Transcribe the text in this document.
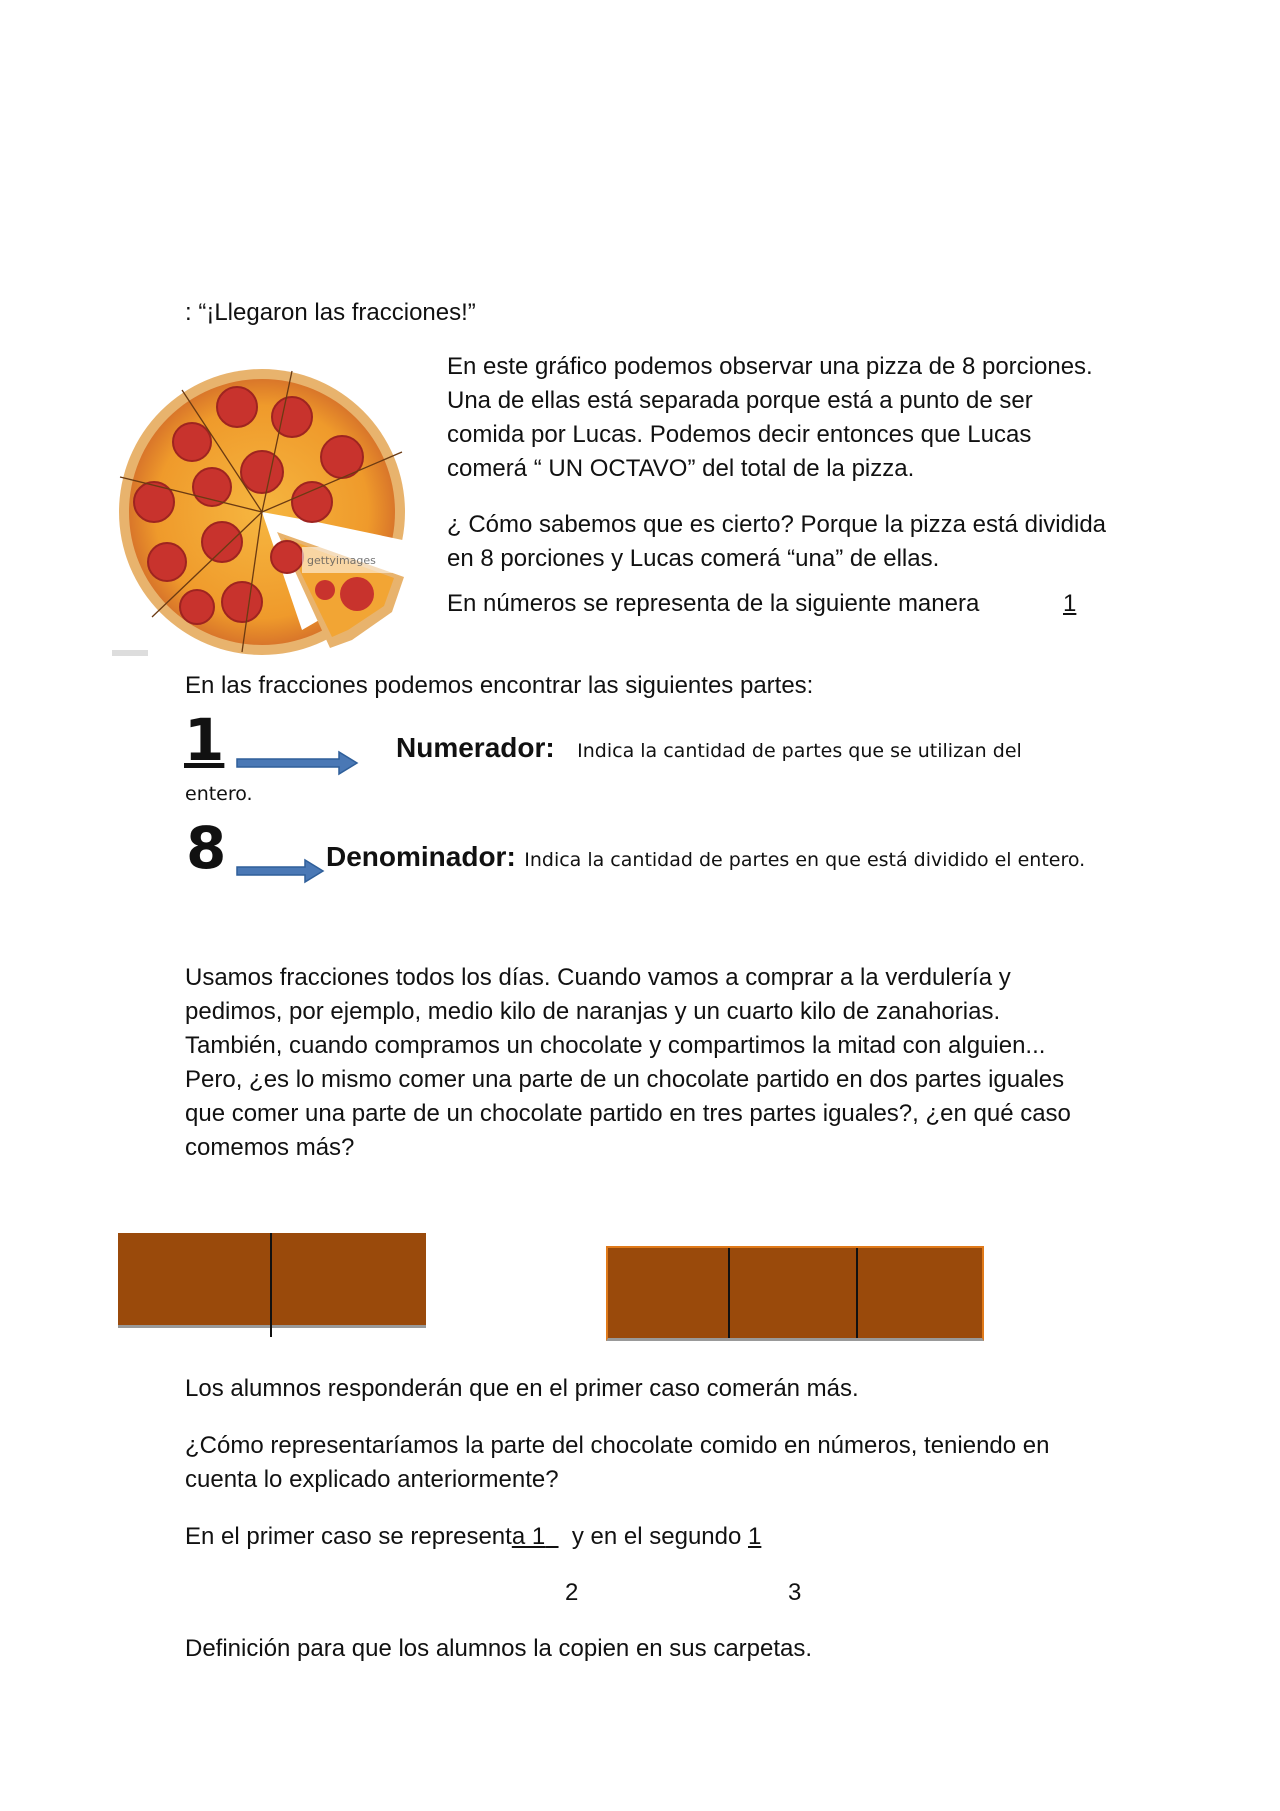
: “¡Llegaron las fracciones!”
gettyimages
En este gráfico podemos observar una pizza de 8 porciones. Una de ellas está separada porque está a punto de ser comida por Lucas. Podemos decir entonces que Lucas comerá “ UN OCTAVO” del total de la pizza.
¿ Cómo sabemos que es cierto? Porque la pizza está dividida en 8 porciones y Lucas comerá “una” de ellas.
En números se representa de la siguiente manera	1
En las fracciones podemos encontrar las siguientes partes:
1	Numerador: Indica la cantidad de partes que se utilizan del
entero.
8	Denominador: Indica la cantidad de partes en que está dividido el entero.
Usamos fracciones todos los días. Cuando vamos a comprar a la verdulería y pedimos, por ejemplo, medio kilo de naranjas y un cuarto kilo de zanahorias. También, cuando compramos un chocolate y compartimos la mitad con alguien... Pero, ¿es lo mismo comer una parte de un chocolate partido en dos partes iguales que comer una parte de un chocolate partido en tres partes iguales?, ¿en qué caso comemos más?
Los alumnos responderán que en el primer caso comerán más.
¿Cómo representaríamos la parte del chocolate comido en números, teniendo en cuenta lo explicado anteriormente?
En el primer caso se representa 1    y en el segundo 1
2	3
Definición para que los alumnos la copien en sus carpetas.
